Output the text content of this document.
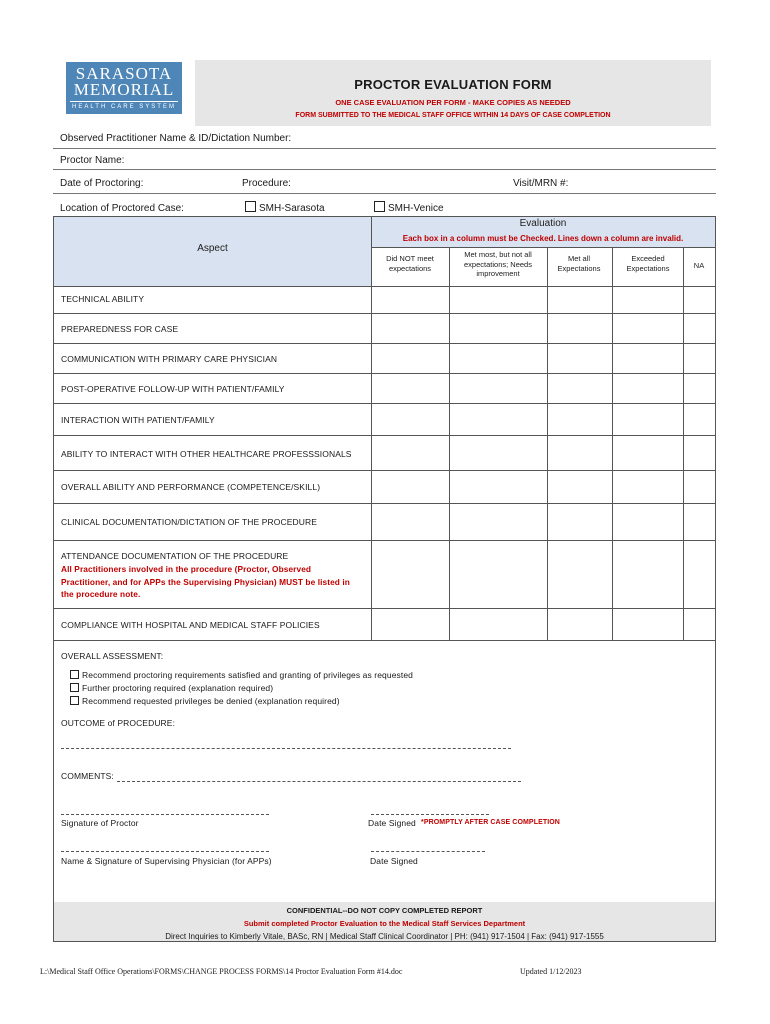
SARASOTA
MEMORIAL
HEALTH CARE SYSTEM
PROCTOR EVALUATION FORM
ONE CASE EVALUATION PER FORM - MAKE COPIES AS NEEDED
FORM SUBMITTED TO THE MEDICAL STAFF OFFICE WITHIN 14 DAYS OF CASE COMPLETION
Observed Practitioner Name & ID/Dictation Number:
Proctor Name:
Date of Proctoring:	Procedure:	Visit/MRN #:
Location of Proctored Case:	SMH-Sarasota	SMH-Venice
Aspect
Evaluation
Each box in a column must be Checked. Lines down a column are invalid.
Did NOT meet expectations
Met most, but not all expectations; Needs improvement
Met all Expectations
Exceeded Expectations	NA
TECHNICAL ABILITY
PREPAREDNESS FOR CASE
COMMUNICATION WITH PRIMARY CARE PHYSICIAN
POST-OPERATIVE FOLLOW-UP WITH PATIENT/FAMILY
INTERACTION WITH PATIENT/FAMILY
ABILITY TO INTERACT WITH OTHER HEALTHCARE PROFESSSIONALS
OVERALL ABILITY AND PERFORMANCE (COMPETENCE/SKILL)
CLINICAL DOCUMENTATION/DICTATION OF THE PROCEDURE
ATTENDANCE DOCUMENTATION OF THE PROCEDURE
All Practitioners involved in the procedure (Proctor, Observed Practitioner, and for APPs the Supervising Physician) MUST be listed in the procedure note.
COMPLIANCE WITH HOSPITAL AND MEDICAL STAFF POLICIES
OVERALL ASSESSMENT:
Recommend proctoring requirements satisfied and granting of privileges as requested
Further proctoring required (explanation required)
Recommend requested privileges be denied (explanation required)
OUTCOME of PROCEDURE:
COMMENTS:
Signature of Proctor	Date Signed *PROMPTLY AFTER CASE COMPLETION
Name & Signature of Supervising Physician (for APPs)	Date Signed
CONFIDENTIAL--DO NOT COPY COMPLETED REPORT
Submit completed Proctor Evaluation to the Medical Staff Services Department
Direct Inquiries to Kimberly Vitale, BASc, RN | Medical Staff Clinical Coordinator | PH: (941) 917-1504 | Fax: (941) 917-1555
L:\Medical Staff Office Operations\FORMS\CHANGE PROCESS FORMS\14 Proctor Evaluation Form #14.doc	Updated 1/12/2023
